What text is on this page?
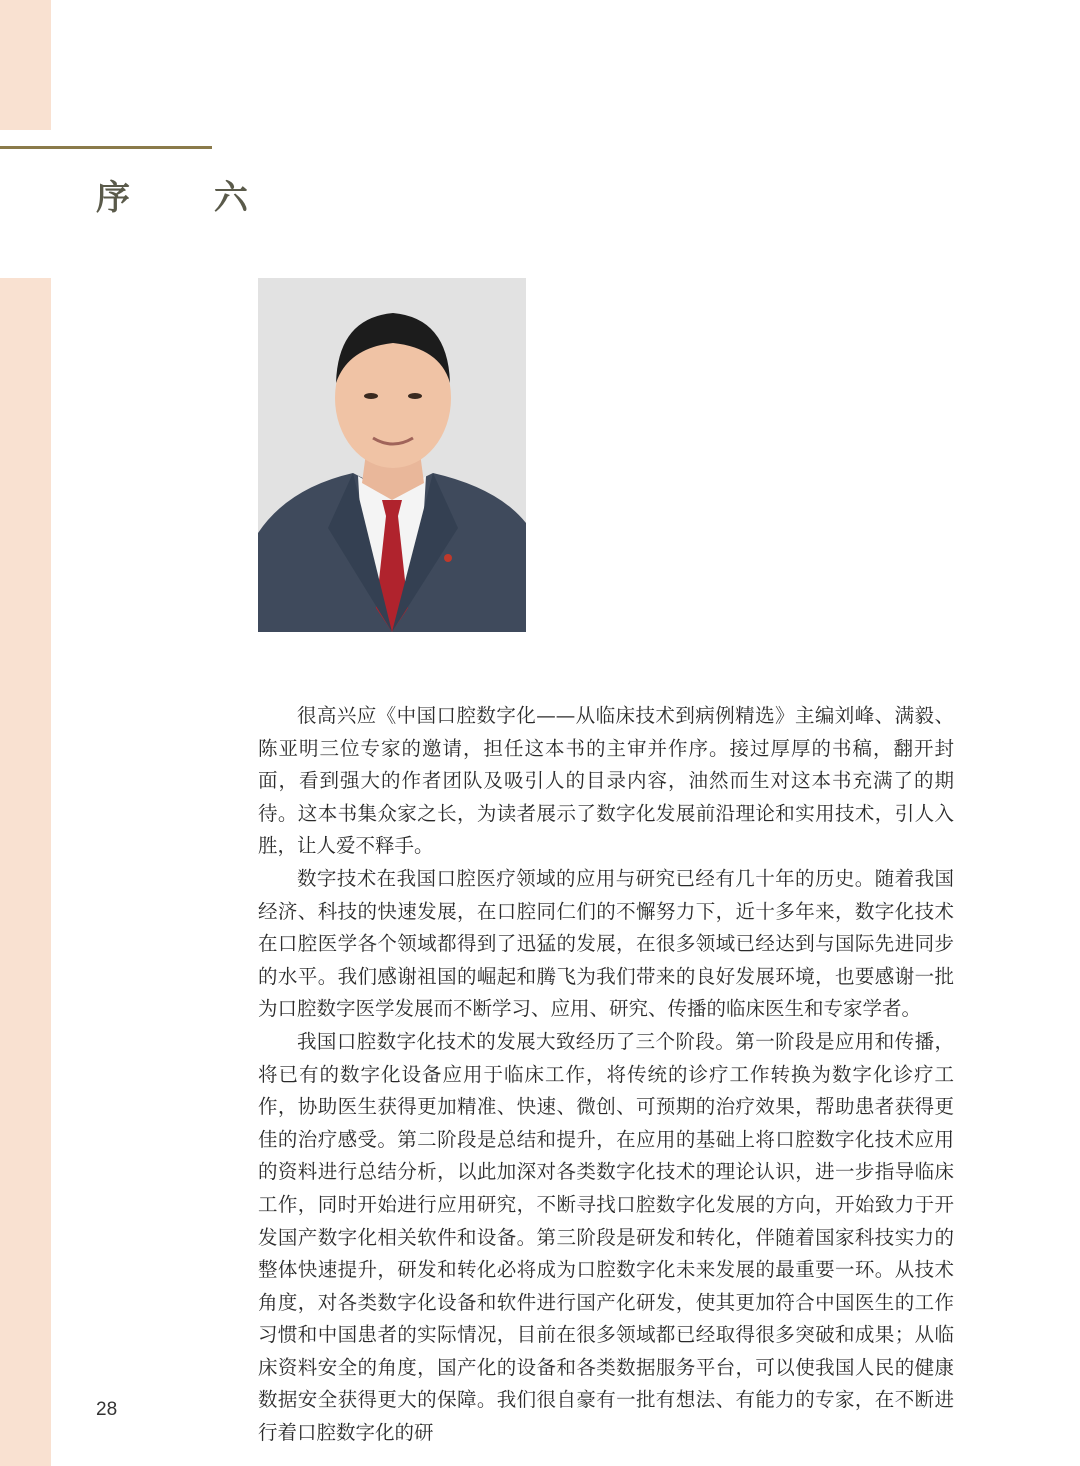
序 六

很高兴应《中国口腔数字化——从临床技术到病例精选》主编刘峰、满毅、陈亚明三位专家的邀请，担任这本书的主审并作序。接过厚厚的书稿，翻开封面，看到强大的作者团队及吸引人的目录内容，油然而生对这本书充满了的期待。这本书集众家之长，为读者展示了数字化发展前沿理论和实用技术，引人入胜，让人爱不释手。

数字技术在我国口腔医疗领域的应用与研究已经有几十年的历史。随着我国经济、科技的快速发展，在口腔同仁们的不懈努力下，近十多年来，数字化技术在口腔医学各个领域都得到了迅猛的发展，在很多领域已经达到与国际先进同步的水平。我们感谢祖国的崛起和腾飞为我们带来的良好发展环境，也要感谢一批为口腔数字医学发展而不断学习、应用、研究、传播的临床医生和专家学者。

我国口腔数字化技术的发展大致经历了三个阶段。第一阶段是应用和传播，将已有的数字化设备应用于临床工作，将传统的诊疗工作转换为数字化诊疗工作，协助医生获得更加精准、快速、微创、可预期的治疗效果，帮助患者获得更佳的治疗感受。第二阶段是总结和提升，在应用的基础上将口腔数字化技术应用的资料进行总结分析，以此加深对各类数字化技术的理论认识，进一步指导临床工作，同时开始进行应用研究，不断寻找口腔数字化发展的方向，开始致力于开发国产数字化相关软件和设备。第三阶段是研发和转化，伴随着国家科技实力的整体快速提升，研发和转化必将成为口腔数字化未来发展的最重要一环。从技术角度，对各类数字化设备和软件进行国产化研发，使其更加符合中国医生的工作习惯和中国患者的实际情况，目前在很多领域都已经取得很多突破和成果；从临床资料安全的角度，国产化的设备和各类数据服务平台，可以使我国人民的健康数据安全获得更大的保障。我们很自豪有一批有想法、有能力的专家，在不断进行着口腔数字化的研

28
